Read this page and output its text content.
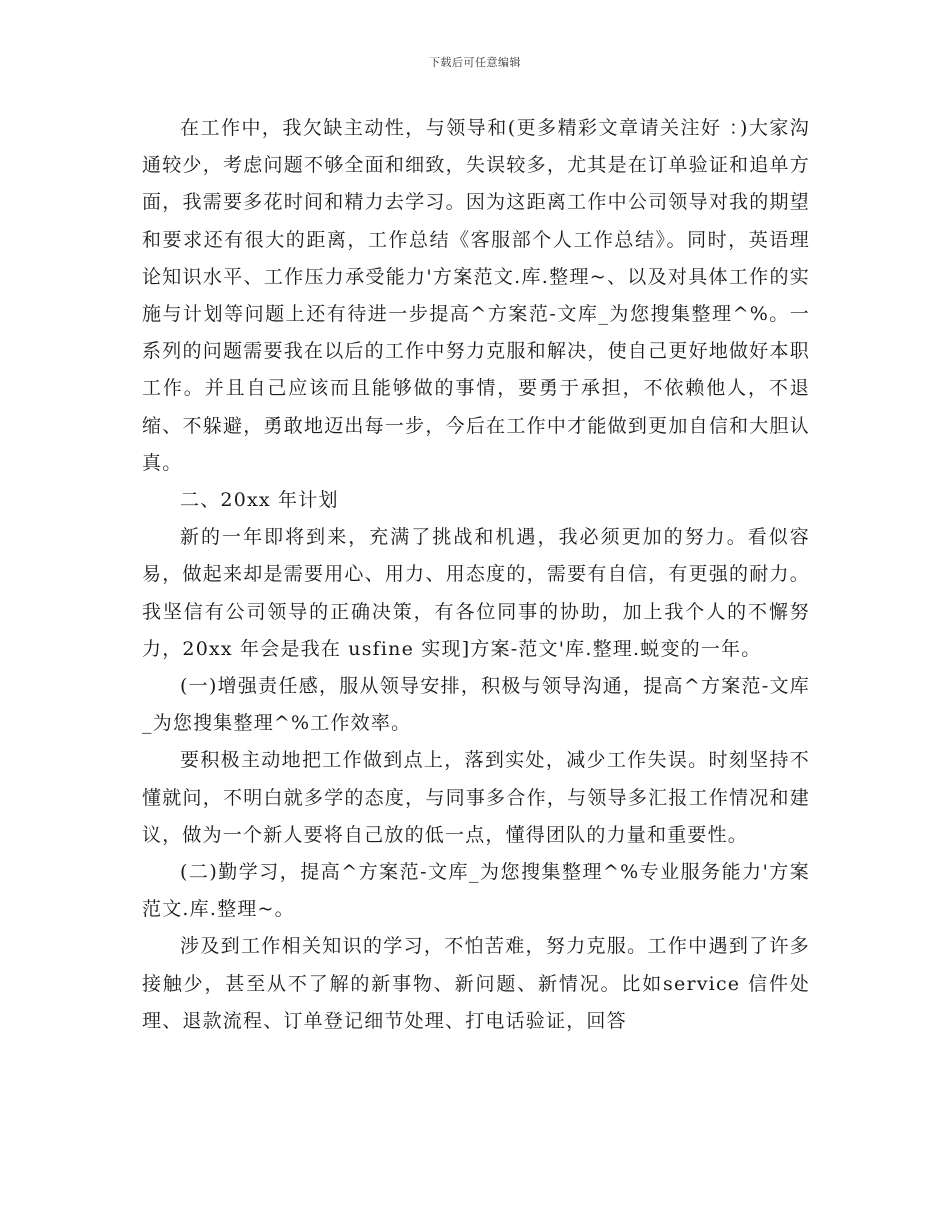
下载后可任意编辑

在工作中，我欠缺主动性，与领导和(更多精彩文章请关注好 ：)大家沟通较少，考虑问题不够全面和细致，失误较多，尤其是在订单验证和追单方面，我需要多花时间和精力去学习。因为这距离工作中公司领导对我的期望和要求还有很大的距离，工作总结《客服部个人工作总结》。同时，英语理论知识水平、工作压力承受能力'方案范文.库.整理~、以及对具体工作的实施与计划等问题上还有待进一步提高^方案范-文库_为您搜集整理^%。一系列的问题需要我在以后的工作中努力克服和解决，使自己更好地做好本职工作。并且自己应该而且能够做的事情，要勇于承担，不依赖他人，不退缩、不躲避，勇敢地迈出每一步，今后在工作中才能做到更加自信和大胆认真。

二、20xx 年计划

新的一年即将到来，充满了挑战和机遇，我必须更加的努力。看似容易，做起来却是需要用心、用力、用态度的，需要有自信，有更强的耐力。我坚信有公司领导的正确决策，有各位同事的协助，加上我个人的不懈努力，20xx 年会是我在 usfine 实现]方案-范文'库.整理.蜕变的一年。

(一)增强责任感，服从领导安排，积极与领导沟通，提高^方案范-文库_为您搜集整理^%工作效率。

要积极主动地把工作做到点上，落到实处，减少工作失误。时刻坚持不懂就问，不明白就多学的态度，与同事多合作，与领导多汇报工作情况和建议，做为一个新人要将自己放的低一点，懂得团队的力量和重要性。

(二)勤学习，提高^方案范-文库_为您搜集整理^%专业服务能力'方案范文.库.整理~。

涉及到工作相关知识的学习，不怕苦难，努力克服。工作中遇到了许多接触少，甚至从不了解的新事物、新问题、新情况。比如service 信件处理、退款流程、订单登记细节处理、打电话验证，回答
